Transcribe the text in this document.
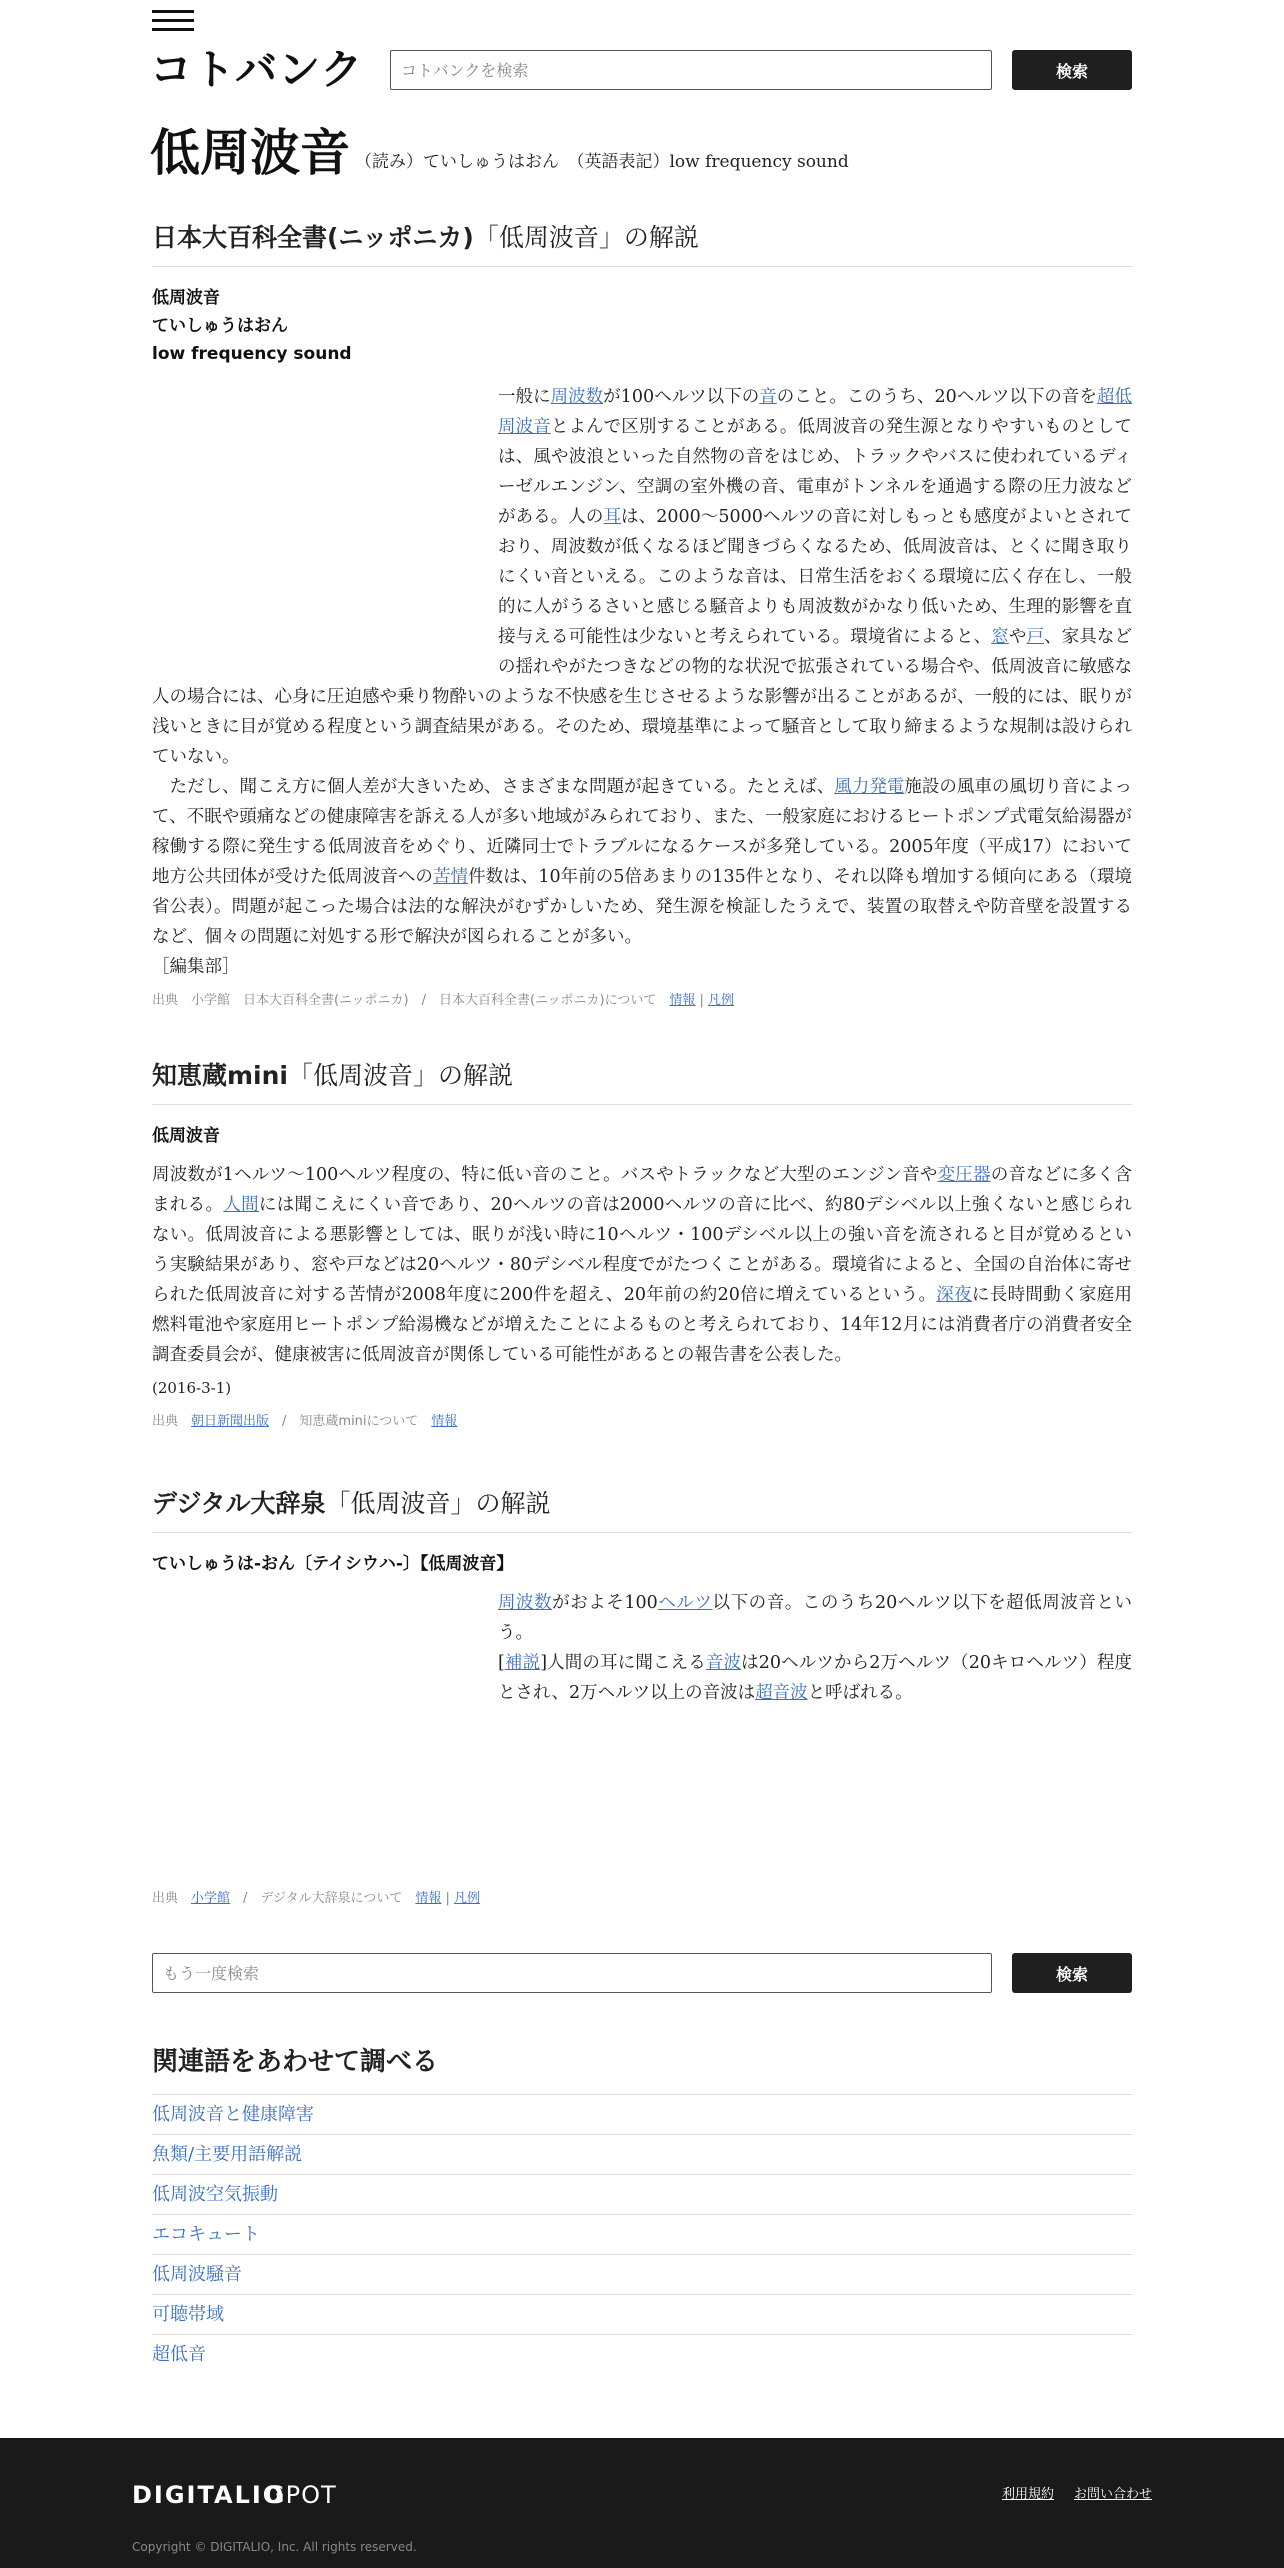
コトバンク
コトバンクを検索	検索
低周波音 （読み）ていしゅうはおん　（英語表記）low frequency sound
日本大百科全書(ニッポニカ)「低周波音」の解説
低周波音
ていしゅうはおん
low frequency sound

一般に周波数が100ヘルツ以下の音のこと。このうち、20ヘルツ以下の音を超低周波音とよんで区別することがある。低周波音の発生源となりやすいものとしては、風や波浪といった自然物の音をはじめ、トラックやバスに使われているディーゼルエンジン、空調の室外機の音、電車がトンネルを通過する際の圧力波などがある。人の耳は、2000～5000ヘルツの音に対しもっとも感度がよいとされており、周波数が低くなるほど聞きづらくなるため、低周波音は、とくに聞き取りにくい音といえる。このような音は、日常生活をおくる環境に広く存在し、一般的に人がうるさいと感じる騒音よりも周波数がかなり低いため、生理的影響を直接与える可能性は少ないと考えられている。環境省によると、窓や戸、家具などの揺れやがたつきなどの物的な状況で拡張されている場合や、低周波音に敏感な人の場合には、心身に圧迫感や乗り物酔いのような不快感を生じさせるような影響が出ることがあるが、一般的には、眠りが浅いときに目が覚める程度という調査結果がある。そのため、環境基準によって騒音として取り締まるような規制は設けられていない。

　ただし、聞こえ方に個人差が大きいため、さまざまな問題が起きている。たとえば、風力発電施設の風車の風切り音によって、不眠や頭痛などの健康障害を訴える人が多い地域がみられており、また、一般家庭におけるヒートポンプ式電気給湯器が稼働する際に発生する低周波音をめぐり、近隣同士でトラブルになるケースが多発している。2005年度（平成17）において地方公共団体が受けた低周波音への苦情件数は、10年前の5倍あまりの135件となり、それ以降も増加する傾向にある（環境省公表）。問題が起こった場合は法的な解決がむずかしいため、発生源を検証したうえで、装置の取替えや防音壁を設置するなど、個々の問題に対処する形で解決が図られることが多い。

［編集部］

出典　小学館　日本大百科全書(ニッポニカ)　/　日本大百科全書(ニッポニカ)について　情報 | 凡例

知恵蔵mini「低周波音」の解説
低周波音

周波数が1ヘルツ～100ヘルツ程度の、特に低い音のこと。バスやトラックなど大型のエンジン音や変圧器の音などに多く含まれる。人間には聞こえにくい音であり、20ヘルツの音は2000ヘルツの音に比べ、約80デシベル以上強くないと感じられない。低周波音による悪影響としては、眠りが浅い時に10ヘルツ・100デシベル以上の強い音を流されると目が覚めるという実験結果があり、窓や戸などは20ヘルツ・80デシベル程度でがたつくことがある。環境省によると、全国の自治体に寄せられた低周波音に対する苦情が2008年度に200件を超え、20年前の約20倍に増えているという。深夜に長時間動く家庭用燃料電池や家庭用ヒートポンプ給湯機などが増えたことによるものと考えられており、14年12月には消費者庁の消費者安全調査委員会が、健康被害に低周波音が関係している可能性があるとの報告書を公表した。

(2016-3-1)

出典　朝日新聞出版　/　知恵蔵miniについて　情報

デジタル大辞泉「低周波音」の解説
ていしゅうは-おん〔テイシウハ-〕【低周波音】

周波数がおよそ100ヘルツ以下の音。このうち20ヘルツ以下を超低周波音という。

[補説]人間の耳に聞こえる音波は20ヘルツから2万ヘルツ（20キロヘルツ）程度とされ、2万ヘルツ以上の音波は超音波と呼ばれる。

出典　小学館　/　デジタル大辞泉について　情報 | 凡例

もう一度検索
検索
関連語をあわせて調べる
低周波音と健康障害
魚類/主要用語解説
低周波空気振動
エコキュート
低周波騒音
可聴帯域
超低音
DIGITALIO
GPOT	利用規約 お問い合わせ
Copyright © DIGITALIO, Inc. All rights reserved.
